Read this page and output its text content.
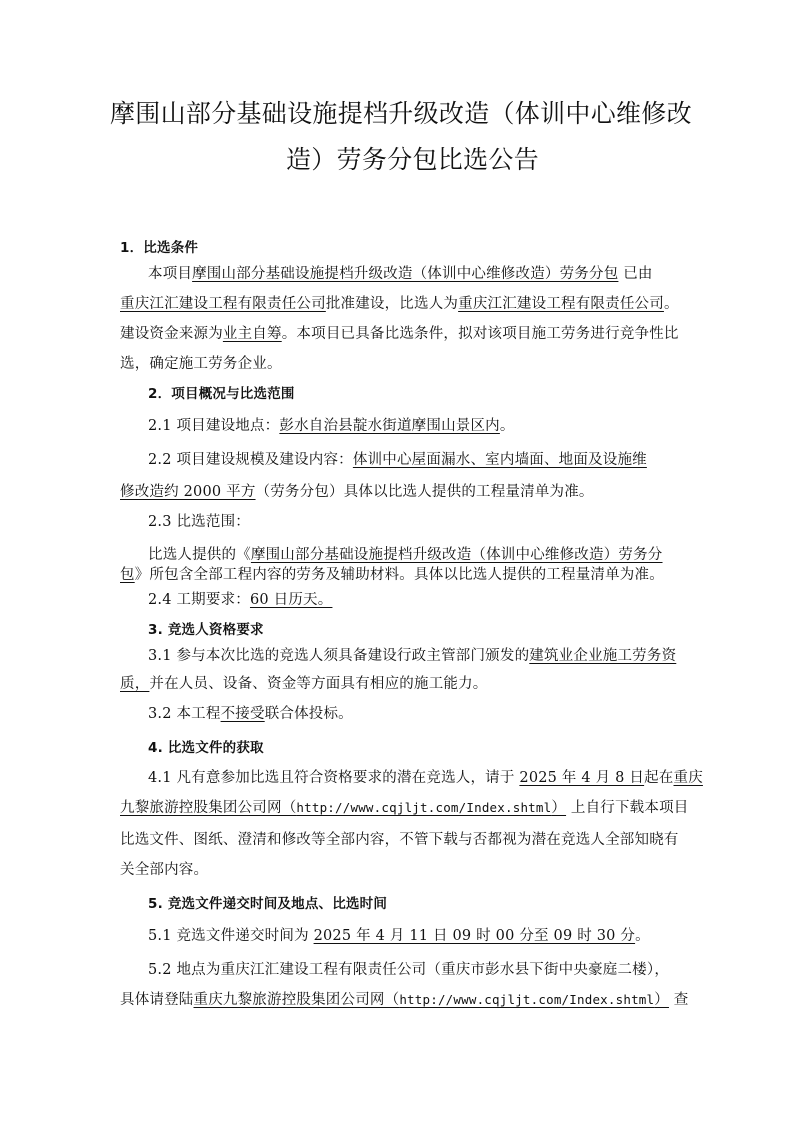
摩围山部分基础设施提档升级改造（体训中心维修改
造）劳务分包比选公告
1．比选条件
本项目摩围山部分基础设施提档升级改造（体训中心维修改造）劳务分包 已由
重庆江汇建设工程有限责任公司批准建设，比选人为重庆江汇建设工程有限责任公司。
建设资金来源为业主自筹。本项目已具备比选条件，拟对该项目施工劳务进行竞争性比
选，确定施工劳务企业。
2．项目概况与比选范围
2.1 项目建设地点：彭水自治县靛水街道摩围山景区内。
2.2 项目建设规模及建设内容：体训中心屋面漏水、室内墙面、地面及设施维
修改造约 2000 平方（劳务分包）具体以比选人提供的工程量清单为准。
2.3 比选范围：
比选人提供的《摩围山部分基础设施提档升级改造（体训中心维修改造）劳务分
包》所包含全部工程内容的劳务及辅助材料。具体以比选人提供的工程量清单为准。
2.4 工期要求：60 日历天。
3. 竞选人资格要求
3.1 参与本次比选的竞选人须具备建设行政主管部门颁发的建筑业企业施工劳务资
质，并在人员、设备、资金等方面具有相应的施工能力。
3.2 本工程不接受联合体投标。
4. 比选文件的获取
4.1 凡有意参加比选且符合资格要求的潜在竞选人，请于 2025 年 4 月 8 日起在重庆
九黎旅游控股集团公司网（http://www.cqjljt.com/Index.shtml） 上自行下载本项目
比选文件、图纸、澄清和修改等全部内容，不管下载与否都视为潜在竞选人全部知晓有
关全部内容。
5. 竞选文件递交时间及地点、比选时间
5.1 竞选文件递交时间为 2025 年 4 月 11 日 09 时 00 分至 09 时 30 分。
5.2 地点为重庆江汇建设工程有限责任公司（重庆市彭水县下街中央豪庭二楼），
具体请登陆重庆九黎旅游控股集团公司网（http://www.cqjljt.com/Index.shtml） 查
